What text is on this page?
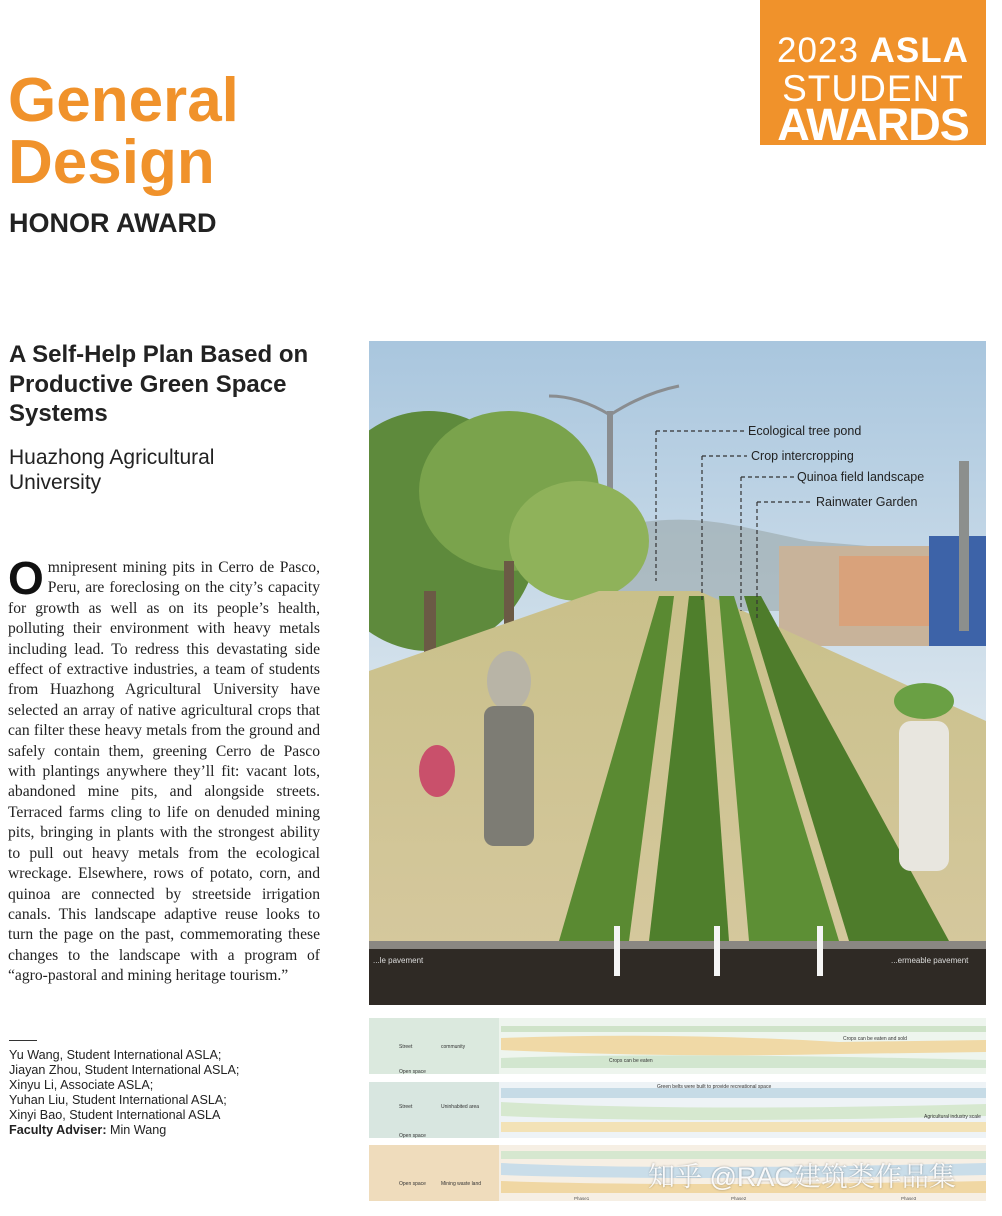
2023 ASLA
STUDENT
AWARDS
General Design
HONOR AWARD
A Self-Help Plan Based on Productive Green Space Systems
Huazhong Agricultural University

Omnipresent mining pits in Cerro de Pasco, Peru, are foreclosing on the city’s capacity for growth as well as on its people’s health, polluting their environment with heavy metals including lead. To redress this devastating side effect of extractive industries, a team of students from Huazhong Agricultural University have selected an array of native agricultural crops that can filter these heavy metals from the ground and safely contain them, greening Cerro de Pasco with plantings anywhere they’ll fit: vacant lots, abandoned mine pits, and alongside streets. Terraced farms cling to life on denuded mining pits, bringing in plants with the strongest ability to pull out heavy metals from the ecological wreckage. Elsewhere, rows of potato, corn, and quinoa are connected by streetside irrigation canals. This landscape adaptive reuse looks to turn the page on the past, commemorating these changes to the landscape with a program of “agro-pastoral and mining heritage tourism.”

Yu Wang, Student International ASLA;
Jiayan Zhou, Student International ASLA;
Xinyu Li, Associate ASLA;
Yuhan Liu, Student International ASLA;
Xinyi Bao, Student International ASLA
Faculty Adviser: Min Wang
Ecological tree pond
Crop intercropping
Quinoa field landscape
Rainwater Garden
...le pavement	...ermeable pavement
Street	community
Open space
Crops can be eaten
Crops can be eaten and sold
Street	Uninhabited area
Open space
Green belts were built to provide recreational space
Agricultural industry scale
Open space	Mining waste land
Phase1	Phase2	Phase3
知乎 @RAC建筑类作品集
